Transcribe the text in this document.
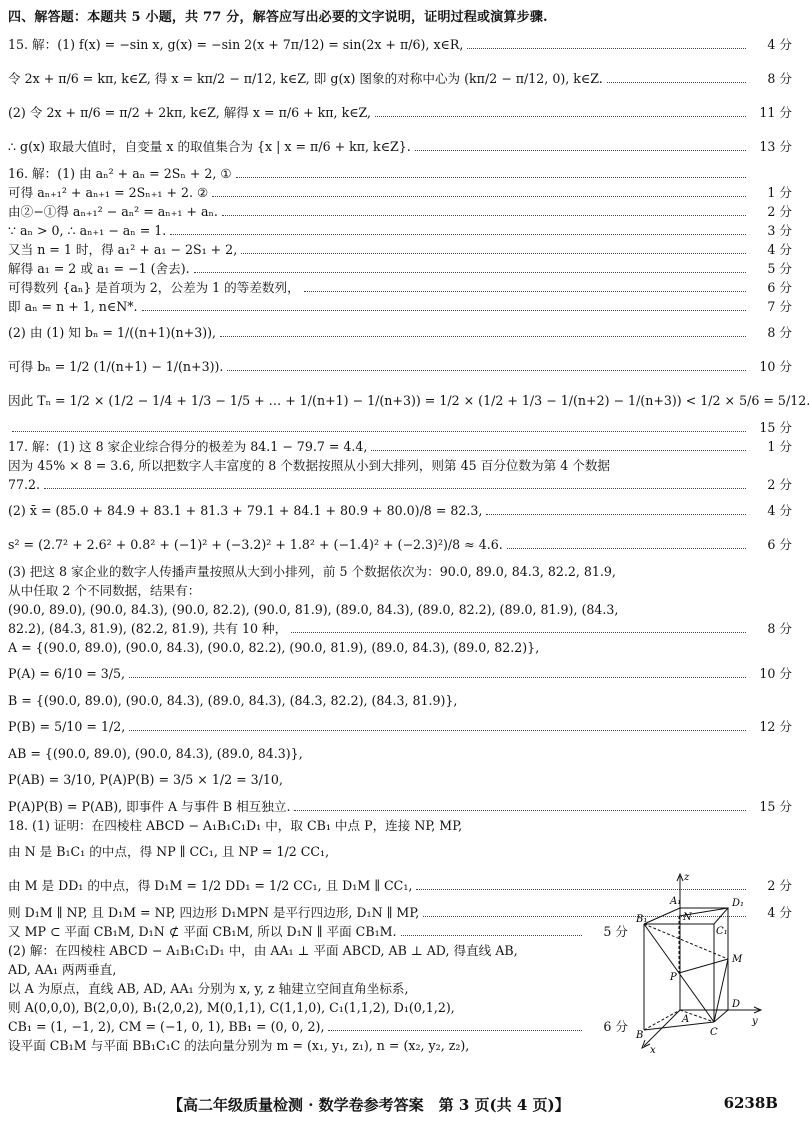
四、解答题：本题共 5 小题，共 77 分，解答应写出必要的文字说明，证明过程或演算步骤.
15. 解：(1) f(x) = −sin x, g(x) = −sin 2(x + 7π/12) = sin(2x + π/6), x∈R,	4 分
令 2x + π/6 = kπ, k∈Z, 得 x = kπ/2 − π/12, k∈Z, 即 g(x) 图象的对称中心为 (kπ/2 − π/12, 0), k∈Z.	8 分
(2) 令 2x + π/6 = π/2 + 2kπ, k∈Z, 解得 x = π/6 + kπ, k∈Z,	11 分
∴ g(x) 取最大值时，自变量 x 的取值集合为 {x | x = π/6 + kπ, k∈Z}.	13 分
16. 解：(1) 由 aₙ² + aₙ = 2Sₙ + 2, ①
可得 aₙ₊₁² + aₙ₊₁ = 2Sₙ₊₁ + 2. ②	1 分
由②−①得 aₙ₊₁² − aₙ² = aₙ₊₁ + aₙ.	2 分
∵ aₙ > 0, ∴ aₙ₊₁ − aₙ = 1.	3 分
又当 n = 1 时，得 a₁² + a₁ − 2S₁ + 2,	4 分
解得 a₁ = 2 或 a₁ = −1 (舍去).	5 分
可得数列 {aₙ} 是首项为 2，公差为 1 的等差数列，	6 分
即 aₙ = n + 1, n∈N*.	7 分
(2) 由 (1) 知 bₙ = 1/((n+1)(n+3)),	8 分
可得 bₙ = 1/2 (1/(n+1) − 1/(n+3)).	10 分
因此 Tₙ = 1/2 × (1/2 − 1/4 + 1/3 − 1/5 + … + 1/(n+1) − 1/(n+3)) = 1/2 × (1/2 + 1/3 − 1/(n+2) − 1/(n+3)) < 1/2 × 5/6 = 5/12.
15 分
17. 解：(1) 这 8 家企业综合得分的极差为 84.1 − 79.7 = 4.4,	1 分
因为 45% × 8 = 3.6, 所以把数字人丰富度的 8 个数据按照从小到大排列，则第 45 百分位数为第 4 个数据
77.2.	2 分
(2) x̄ = (85.0 + 84.9 + 83.1 + 81.3 + 79.1 + 84.1 + 80.9 + 80.0)/8 = 82.3,	4 分
s² = (2.7² + 2.6² + 0.8² + (−1)² + (−3.2)² + 1.8² + (−1.4)² + (−2.3)²)/8 ≈ 4.6.	6 分
(3) 把这 8 家企业的数字人传播声量按照从大到小排列，前 5 个数据依次为：90.0, 89.0, 84.3, 82.2, 81.9,
从中任取 2 个不同数据，结果有：
(90.0, 89.0), (90.0, 84.3), (90.0, 82.2), (90.0, 81.9), (89.0, 84.3), (89.0, 82.2), (89.0, 81.9), (84.3,
82.2), (84.3, 81.9), (82.2, 81.9), 共有 10 种，	8 分
A = {(90.0, 89.0), (90.0, 84.3), (90.0, 82.2), (90.0, 81.9), (89.0, 84.3), (89.0, 82.2)},
P(A) = 6/10 = 3/5,	10 分
B = {(90.0, 89.0), (90.0, 84.3), (89.0, 84.3), (84.3, 82.2), (84.3, 81.9)},
P(B) = 5/10 = 1/2,	12 分
AB = {(90.0, 89.0), (90.0, 84.3), (89.0, 84.3)},
P(AB) = 3/10, P(A)P(B) = 3/5 × 1/2 = 3/10,
P(A)P(B) = P(AB), 即事件 A 与事件 B 相互独立.	15 分
18. (1) 证明：在四棱柱 ABCD − A₁B₁C₁D₁ 中，取 CB₁ 中点 P，连接 NP, MP,
由 N 是 B₁C₁ 的中点，得 NP ∥ CC₁, 且 NP = 1/2 CC₁,
由 M 是 DD₁ 的中点，得 D₁M = 1/2 DD₁ = 1/2 CC₁, 且 D₁M ∥ CC₁,	2 分
则 D₁M ∥ NP, 且 D₁M = NP, 四边形 D₁MPN 是平行四边形, D₁N ∥ MP,	4 分
又 MP ⊂ 平面 CB₁M, D₁N ⊄ 平面 CB₁M, 所以 D₁N ∥ 平面 CB₁M.	5 分
(2) 解：在四棱柱 ABCD − A₁B₁C₁D₁ 中，由 AA₁ ⊥ 平面 ABCD, AB ⊥ AD, 得直线 AB,
AD, AA₁ 两两垂直,
以 A 为原点，直线 AB, AD, AA₁ 分别为 x, y, z 轴建立空间直角坐标系,
则 A(0,0,0), B(2,0,0), B₁(2,0,2), M(0,1,1), C(1,1,0), C₁(1,1,2), D₁(0,1,2),
CB₁ = (1, −1, 2), CM = (−1, 0, 1), BB₁ = (0, 0, 2),	6 分
设平面 CB₁M 与平面 BB₁C₁C 的法向量分别为 m = (x₁, y₁, z₁), n = (x₂, y₂, z₂),
z
A₁	D₁
B₁	N
C₁
M
P
A
D
y
C
B
x
【高二年级质量检测 · 数学卷参考答案　第 3 页(共 4 页)】	6238B
